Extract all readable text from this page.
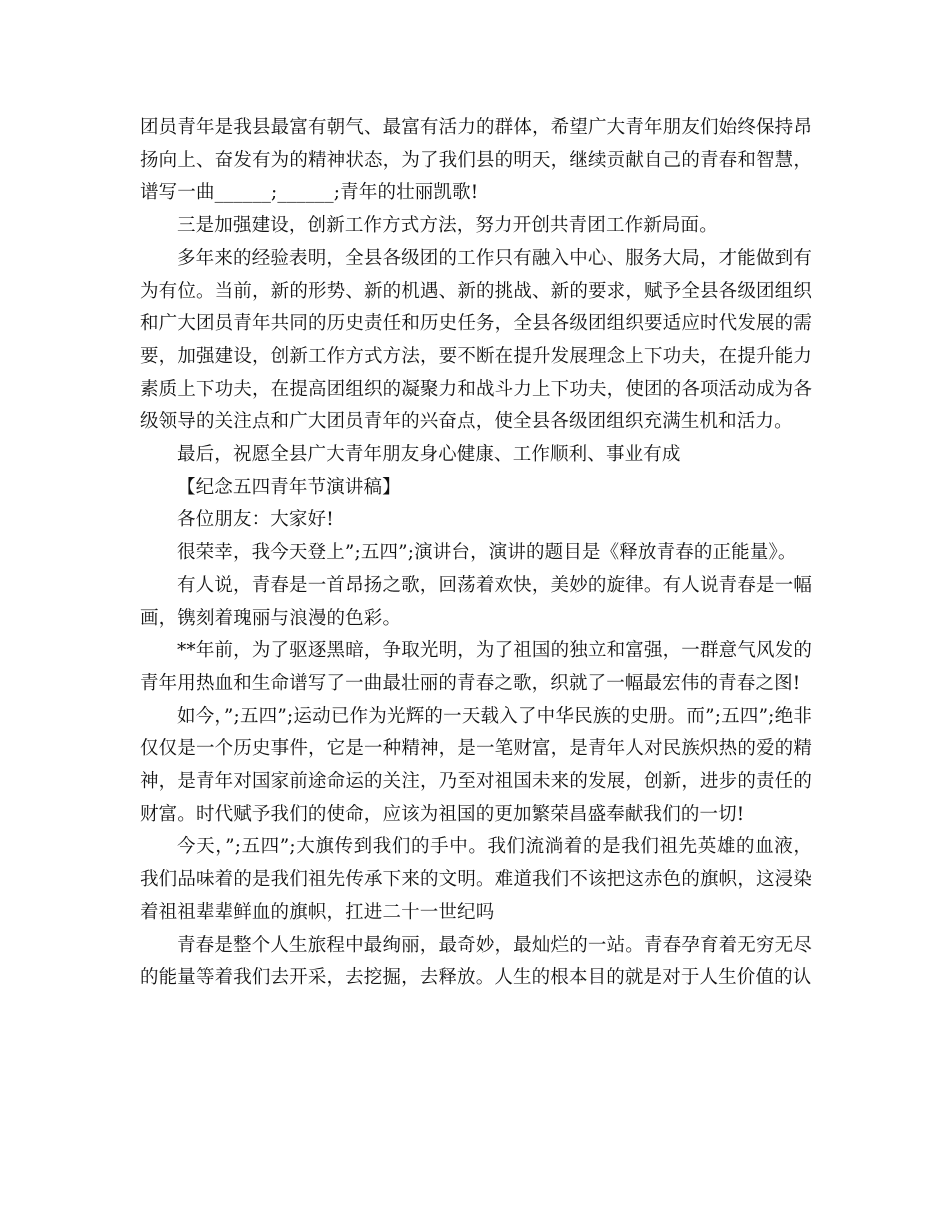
团员青年是我县最富有朝气、最富有活力的群体，希望广大青年朋友们始终保持昂扬向上、奋发有为的精神状态，为了我们县的明天，继续贡献自己的青春和智慧，谱写一曲______;______;青年的壮丽凯歌!

三是加强建设，创新工作方式方法，努力开创共青团工作新局面。

多年来的经验表明，全县各级团的工作只有融入中心、服务大局，才能做到有为有位。当前，新的形势、新的机遇、新的挑战、新的要求，赋予全县各级团组织和广大团员青年共同的历史责任和历史任务，全县各级团组织要适应时代发展的需要，加强建设，创新工作方式方法，要不断在提升发展理念上下功夫，在提升能力素质上下功夫，在提高团组织的凝聚力和战斗力上下功夫，使团的各项活动成为各级领导的关注点和广大团员青年的兴奋点，使全县各级团组织充满生机和活力。

最后，祝愿全县广大青年朋友身心健康、工作顺利、事业有成

【纪念五四青年节演讲稿】

各位朋友：大家好!

很荣幸，我今天登上”;五四”;演讲台，演讲的题目是《释放青春的正能量》。

有人说，青春是一首昂扬之歌，回荡着欢快，美妙的旋律。有人说青春是一幅画，镌刻着瑰丽与浪漫的色彩。

**年前，为了驱逐黑暗，争取光明，为了祖国的独立和富强，一群意气风发的青年用热血和生命谱写了一曲最壮丽的青春之歌，织就了一幅最宏伟的青春之图!

如今，”;五四”;运动已作为光辉的一天载入了中华民族的史册。而”;五四”;绝非仅仅是一个历史事件，它是一种精神，是一笔财富，是青年人对民族炽热的爱的精神，是青年对国家前途命运的关注，乃至对祖国未来的发展，创新，进步的责任的财富。时代赋予我们的使命，应该为祖国的更加繁荣昌盛奉献我们的一切!

今天，”;五四”;大旗传到我们的手中。我们流淌着的是我们祖先英雄的血液，我们品味着的是我们祖先传承下来的文明。难道我们不该把这赤色的旗帜，这浸染着祖祖辈辈鲜血的旗帜，扛进二十一世纪吗

青春是整个人生旅程中最绚丽，最奇妙，最灿烂的一站。青春孕育着无穷无尽的能量等着我们去开采，去挖掘，去释放。人生的根本目的就是对于人生价值的认
